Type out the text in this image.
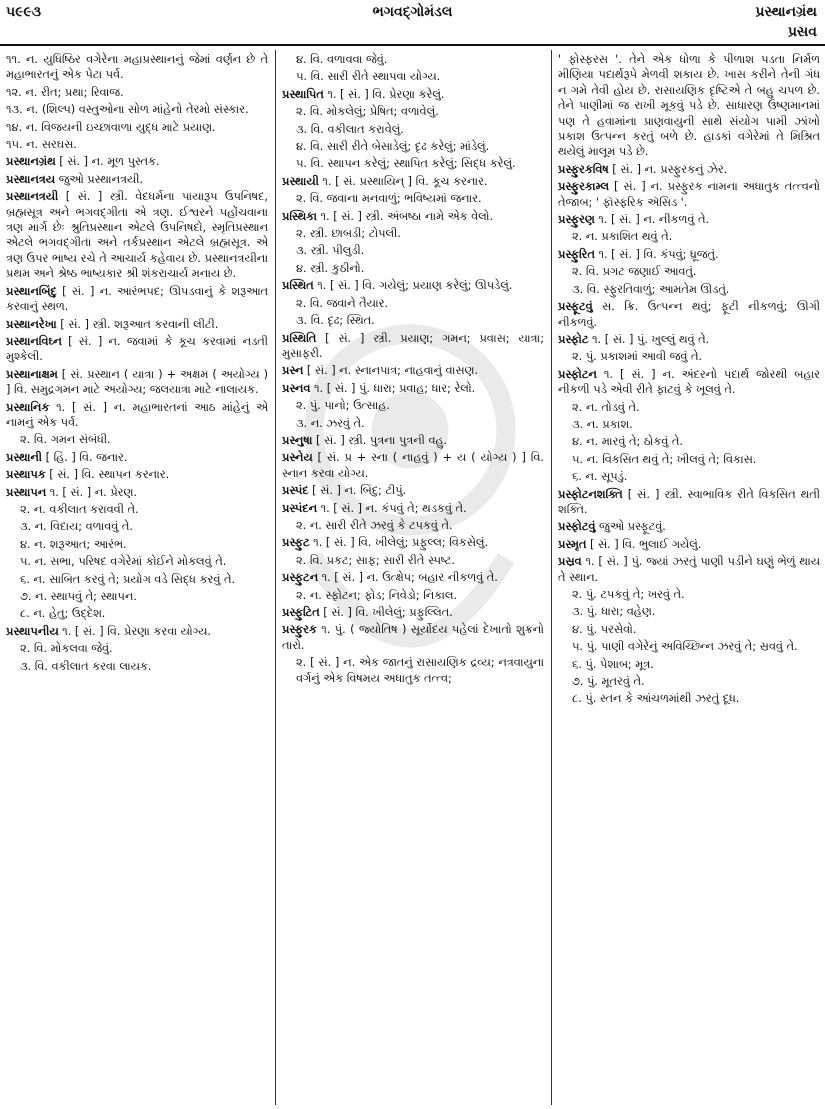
૫૯૯૩	ભગવદ્ગોમંડલ	પ્રસ્થાનગ્રંથ
પ્રસવ
૧૧. ન. યુધિષ્ઠિર વગેરેના મહાપ્રસ્થાનનું જેમાં વર્ણન છે તે મહાભારતનું એક પેટા પર્વ.
૧૨. ન. રીત; પ્રથા; રિવાજ.
૧૩. ન. (શિલ્પ) વસ્તુઓના સોળ માંહેનો તેરમો સંસ્કાર.
૧૪. ન. વિજયની ઇચ્છાવાળા યુદ્ધ માટે પ્રયાણ.
૧૫. ન. સરઘસ.
પ્રસ્થાનગ્રંથ [ સં. ] ન. મૂળ પુસ્તક.
પ્રસ્થાનત્રય જુઓ પ્રસ્થાનત્રયી.
પ્રસ્થાનત્રયી [ સં. ] સ્ત્રી. વેદધર્મના પાયારૂપ ઉપનિષદ, બ્રહ્મસૂત્ર અને ભગવદ્ગીતા એ ત્રણ. ઈશ્વરને પહોંચવાના ત્રણ માર્ગ છેઃ શ્રુતિપ્રસ્થાન એટલે ઉપનિષદો, સ્મૃતિપ્રસ્થાન એટલે ભગવદ્ગીતા અને તર્કપ્રસ્થાન એટલે બ્રહ્મસૂત્ર. એ ત્રણ ઉપર ભાષ્ય રચે તે આચાર્ય કહેવાય છે. પ્રસ્થાનત્રયીના પ્રથમ અને શ્રેષ્ઠ ભાષ્યકાર શ્રી શંકરાચાર્ય મનાય છે.
પ્રસ્થાનબિંદુ [ સં. ] ન. આરંભપદ; ઊપડવાનું કે શરૂઆત કરવાનું સ્થળ.
પ્રસ્થાનરેખા [ સં. ] સ્ત્રી. શરૂઆત કરવાની લીટી.
પ્રસ્થાનવિઘ્ન [ સં. ] ન. જવામાં કે કૂચ કરવામાં નડતી મુશ્કેલી.
પ્રસ્થાનાક્ષમ [ સં. પ્રસ્થાન ( યાત્રા ) + અક્ષમ ( અયોગ્ય ) ] વિ. સમુદ્રગમન માટે અયોગ્ય; જલયાત્રા માટે નાલાયક.
પ્રસ્થાનિક ૧. [ સં. ] ન. મહાભારતનાં આઠ માંહેનું એ નામનું એક પર્વ.
૨. વિ. ગમન સંબંધી.
પ્રસ્થાની [ હિં. ] વિ. જનાર.
પ્રસ્થાપક [ સં. ] વિ. સ્થાપન કરનાર.
પ્રસ્થાપન ૧. [ સં. ] ન. પ્રેરણ.
૨. ન. વકીલાત કરાવવી તે.
૩. ન. વિદાય; વળાવવું તે.
૪. ન. શરૂઆત; આરંભ.
૫. ન. સભા, પરિષદ વગેરેમાં કોઈને મોકલવું તે.
૬. ન. સાબિત કરવું તે; પ્રયોગ વડે સિદ્ધ કરવું તે.
૭. ન. સ્થાપવું તે; સ્થાપન.
૮. ન. હેતુ; ઉદ્દેશ.
પ્રસ્થાપનીય ૧. [ સં. ] વિ. પ્રેરણા કરવા યોગ્ય.
૨. વિ. મોકલવા જેવું.
૩. વિ. વકીલાત કરવા લાયક.
૪. વિ. વળાવવા જેવું.
૫. વિ. સારી રીતે સ્થાપવા યોગ્ય.
પ્રસ્થાપિત ૧. [ સં. ] વિ. પ્રેરણા કરેલું.
૨. વિ. મોકલેલું; પ્રેષિત; વળાવેલું.
૩. વિ. વકીલાત કરાવેલું.
૪. વિ. સારી રીતે બેસાડેલું; દૃઢ કરેલું; માંડેલું.
૫. વિ. સ્થાપન કરેલું; સ્થાપિત કરેલું; સિદ્ધ કરેલું.
પ્રસ્થાયી ૧. [ સં. પ્રસ્થાયિન્ ] વિ. કૂચ કરનાર.
૨. વિ. જવાના મનવાળું; ભવિષ્યમાં જનાર.
પ્રસ્થિકા ૧. [ સં. ] સ્ત્રી. અંબષ્ઠા નામે એક વેલો.
૨. સ્ત્રી. છાબડી; ટોપલી.
૩. સ્ત્રી. પીલુડી.
૪. સ્ત્રી. કુઠીનો.
પ્રસ્થિત ૧. [ સં. ] વિ. ગયેલું; પ્રયાણ કરેલું; ઊપડેલું.
૨. વિ. જવાને તૈયાર.
૩. વિ. દૃઢ; સ્થિત.
પ્રસ્થિતિ [ સં. ] સ્ત્રી. પ્રયાણ; ગમન; પ્રવાસ; યાત્રા; મુસાફરી.
પ્રસ્ન [ સં. ] ન. સ્નાનપાત્ર; નાહવાનું વાસણ.
પ્રસ્નવ ૧. [ સં. ] પું. ધારા; પ્રવાહ; ધાર; રેલો.
૨. પું. પાનો; ઉત્સાહ.
૩. ન. ઝરવું તે.
પ્રસ્નુષા [ સં. ] સ્ત્રી. પુત્રના પુત્રની વહુ.
પ્રસ્નેય [ સં. પ્ર + સ્ના ( નાહવું ) + ય ( યોગ્ય ) ] વિ. સ્નાન કરવા યોગ્ય.
પ્રસ્પંદ [ સં. ] ન. બિંદુ; ટીપું.
પ્રસ્પંદન ૧. [ સં. ] ન. કંપવું તે; થડકવું તે.
૨. ન. સારી રીતે ઝરવું કે ટપકવું તે.
પ્રસ્ફુટ ૧. [ સં. ] વિ. ખીલેલું; પ્રફુલ્લ; વિકસેલું.
૨. વિ. પ્રકટ; સાફ; સારી રીતે સ્પષ્ટ.
પ્રસ્ફુટન ૧. [ સં. ] ન. ઉત્ક્ષેપ; બહાર નીકળવું તે.
૨. ન. સ્ફોટન; ફોડ; નિવેડો; નિકાલ.
પ્રસ્ફુટિત [ સં. ] વિ. ખીલેલું; પ્રફુલ્લિત.
પ્રસ્ફુરક ૧. પું. ( જ્યોતિષ ) સૂર્યોદય પહેલાં દેખાતો શુક્રનો તારો.
૨. [ સં. ] ન. એક જાતનું રાસાયણિક દ્રવ્ય; નત્રવાયુના વર્ગનું એક વિષમય અધાતુક તત્ત્વ;
' ફોસ્ફરસ '. તેને એક ધોળા કે પીળાશ પડતા નિર્મળ મીણિયા પદાર્થરૂપે મેળવી શકાય છે. ખાસ કરીને તેની ગંધ ન ગમે તેવી હોય છે. રાસાયણિક દૃષ્ટિએ તે બહુ ચપળ છે. તેને પાણીમાં જ રાખી મૂકવું પડે છે. સાધારણ ઉષ્ણમાનમાં પણ તે હવામાંના પ્રાણવાયુની સાથે સંયોગ પામી ઝાંખો પ્રકાશ ઉત્પન્ન કરતું બળે છે. હાડકાં વગેરેમાં તે મિશ્રિત થયેલું માલૂમ પડે છે.
પ્રસ્ફુરકવિષ [ સં. ] ન. પ્રસ્ફુરકનું ઝેર.
પ્રસ્ફુરકામ્લ [ સં. ] ન. પ્રસ્ફુરક નામના અધાતુક તત્ત્વનો તેજાબ; ' ફૉસ્ફરિક ઍસિડ '.
પ્રસ્ફુરણ ૧. [ સં. ] ન. નીકળવું તે.
૨. ન. પ્રકાશિત થવું તે.
પ્રસ્ફુરિત ૧. [ સં. ] વિ. કંપવું; ધ્રૂજતું.
૨. વિ. પ્રગટ જણાઈ આવતું.
૩. વિ. સ્ફુરતિવાળું; આમતેમ ઊડતું.
પ્રસ્ફૂટવું સ. ક્રિ. ઉત્પન્ન થવું; ફૂટી નીકળવું; ઊગી નીકળવું.
પ્રસ્ફોટ ૧. [ સં. ] પું. ખુલ્લું થવું તે.
૨. પું. પ્રકાશમાં આવી જવું તે.
પ્રસ્ફોટન ૧. [ સં. ] ન. અંદરનો પદાર્થ જોરથી બહાર નીકળી પડે એવી રીતે ફાટવું કે ખૂલવું તે.
૨. ન. તોડવું તે.
૩. ન. પ્રકાશ.
૪. ન. મારવું તે; ઠોકવું તે.
૫. ન. વિકસિત થવું તે; ખીલવું તે; વિકાસ.
૬. ન. સૂપડું.
પ્રસ્ફોટનશક્તિ [ સં. ] સ્ત્રી. સ્વાભાવિક રીતે વિકસિત થતી શક્તિ.
પ્રસ્ફોટવું જુઓ પ્રસ્ફૂટવું.
પ્રસ્મૃત [ સં. ] વિ. ભુલાઈ ગયેલું.
પ્રસ્રવ ૧. [ સં. ] પું. જ્યાં ઝરતું પાણી પડીને ઘણું ભેળું થાય તે સ્થાન.
૨. પું. ટપકવું તે; ખરવું તે.
૩. પું. ધારા; વહેણ.
૪. પું. પરસેવો.
૫. પું. પાણી વગેરેનું અવિચ્છિન્ન ઝરવું તે; સ્રવવું તે.
૬. પું. પેશાબ; મૂત્ર.
૭. પું. મૂતરવું તે.
૮. પું. સ્તન કે આંચળમાંથી ઝરતું દૂધ.
